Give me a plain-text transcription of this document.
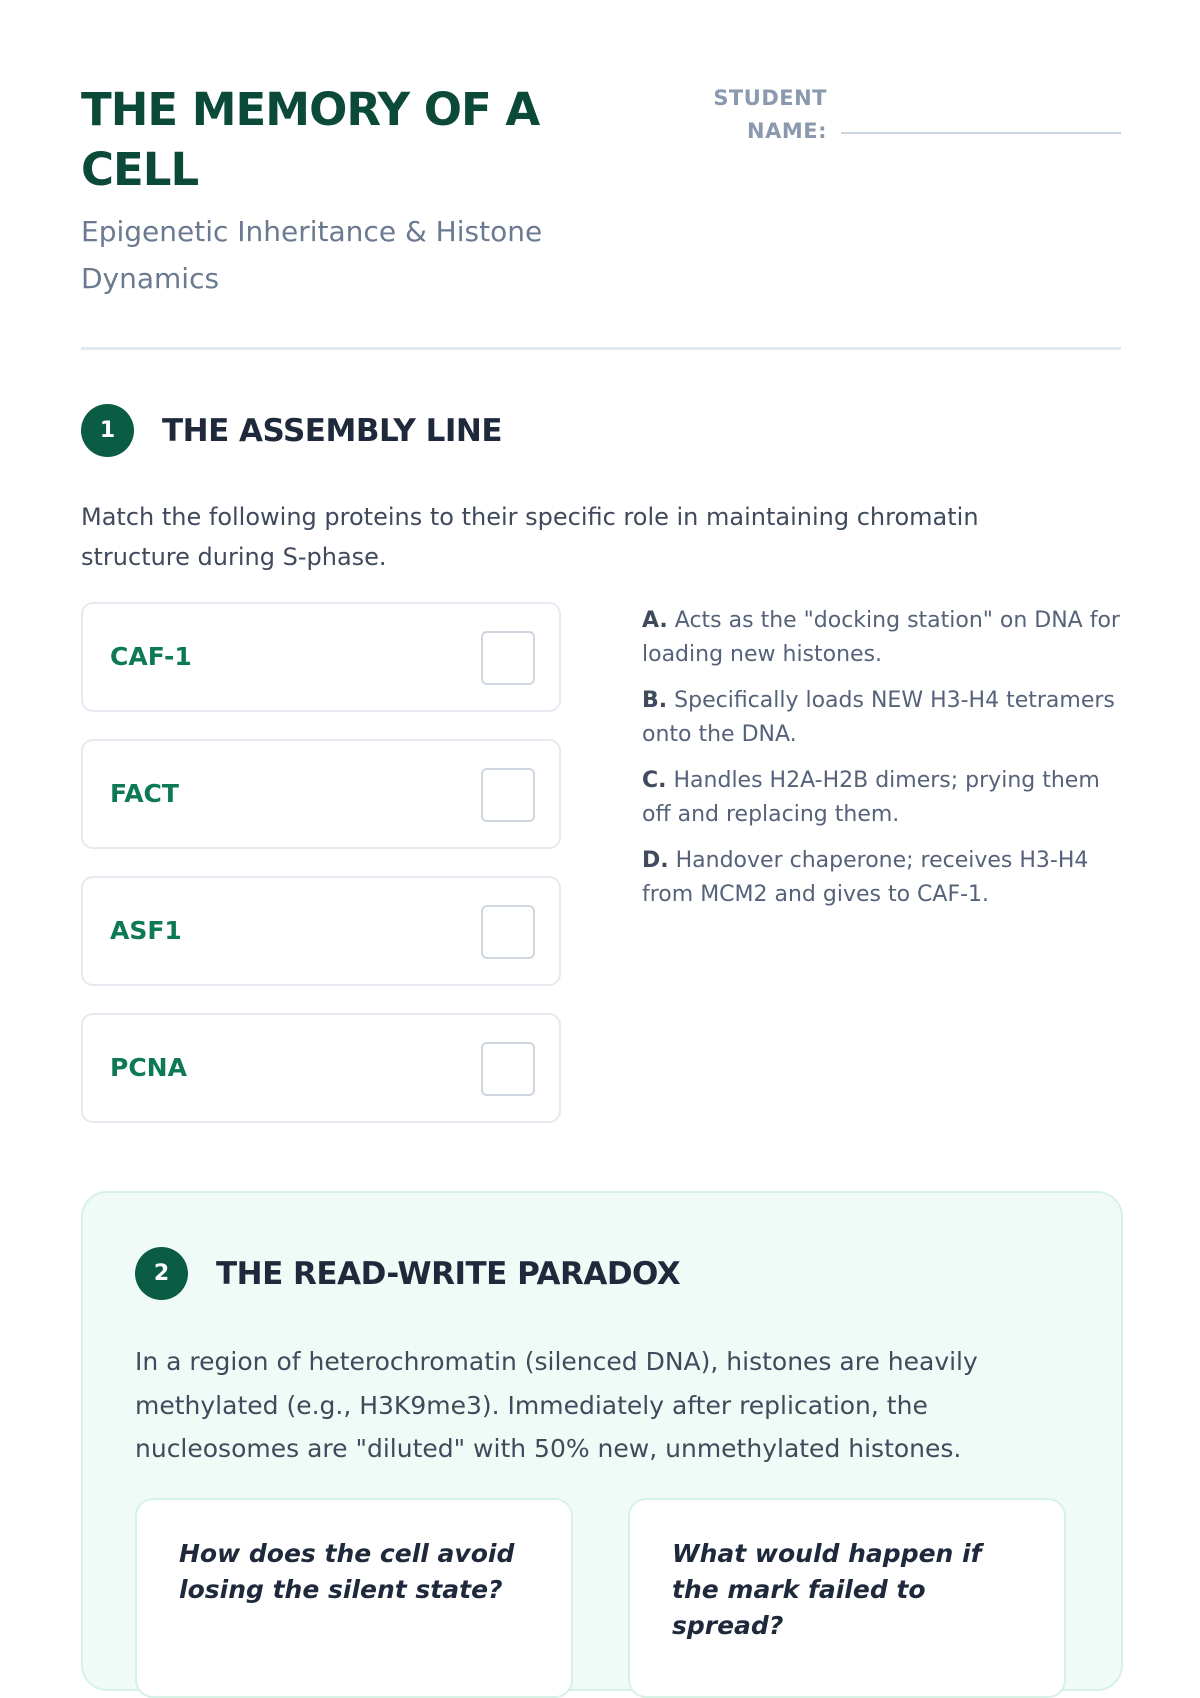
THE MEMORY OF A CELL
Epigenetic Inheritance & Histone Dynamics
STUDENT NAME:
1	THE ASSEMBLY LINE

Match the following proteins to their specific role in maintaining chromatin structure during S-phase.

CAF-1
FACT
ASF1
PCNA

A. Acts as the "docking station" on DNA for loading new histones.

B. Specifically loads NEW H3-H4 tetramers onto the DNA.

C. Handles H2A-H2B dimers; prying them off and replacing them.

D. Handover chaperone; receives H3-H4 from MCM2 and gives to CAF-1.

2	THE READ-WRITE PARADOX

In a region of heterochromatin (silenced DNA), histones are heavily methylated (e.g., H3K9me3). Immediately after replication, the nucleosomes are "diluted" with 50% new, unmethylated histones.

How does the cell avoid losing the silent state?

What would happen if the mark failed to spread?
